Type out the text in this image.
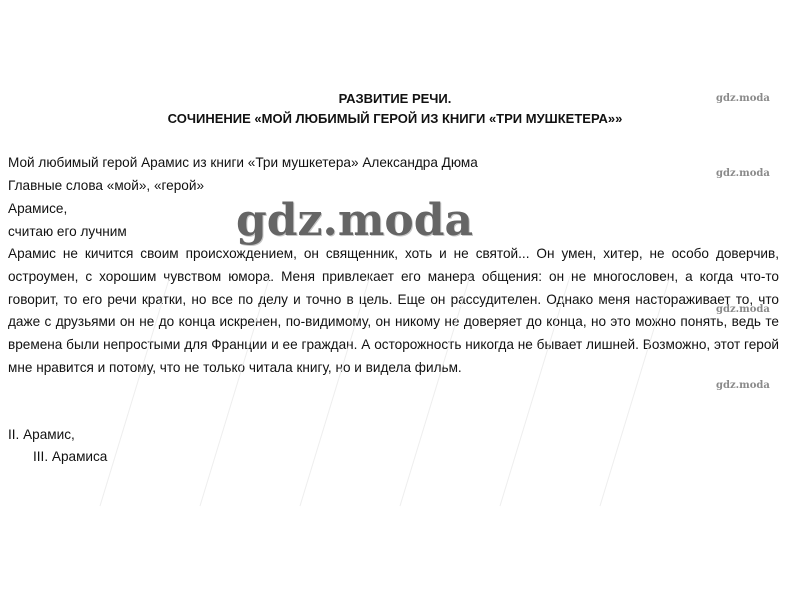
gdz.moda
gdz.moda
gdz.moda
gdz.moda
РАЗВИТИЕ РЕЧИ.
СОЧИНЕНИЕ «МОЙ ЛЮБИМЫЙ ГЕРОЙ ИЗ КНИГИ «ТРИ МУШКЕТЕРА»»
Мой любимый герой Арамис из книги «Три мушкетера» Александра Дюма
Главные слова «мой», «герой»
Арамисе,
считаю его лучним
Арамис не кичится своим происхождением, он священник, хоть и не святой... Он умен, хитер, не особо доверчив, остроумен, с хорошим чувством юмора. Меня привлекает его манера общения: он не многословен, а когда что-то говорит, то его речи кратки, но все по делу и точно в цель. Еще он рассудителен. Однако меня настораживает то, что даже с друзьями он не до конца искренен, по-видимому, он никому не доверяет до конца, но это можно понять, ведь те времена были непростыми для Франции и ее граждан. А осторожность никогда не бывает лишней. Возможно, этот герой мне нравится и потому, что не только читала книгу, но и видела фильм.
II. Арамис,
III. Арамиса
gdz.moda
